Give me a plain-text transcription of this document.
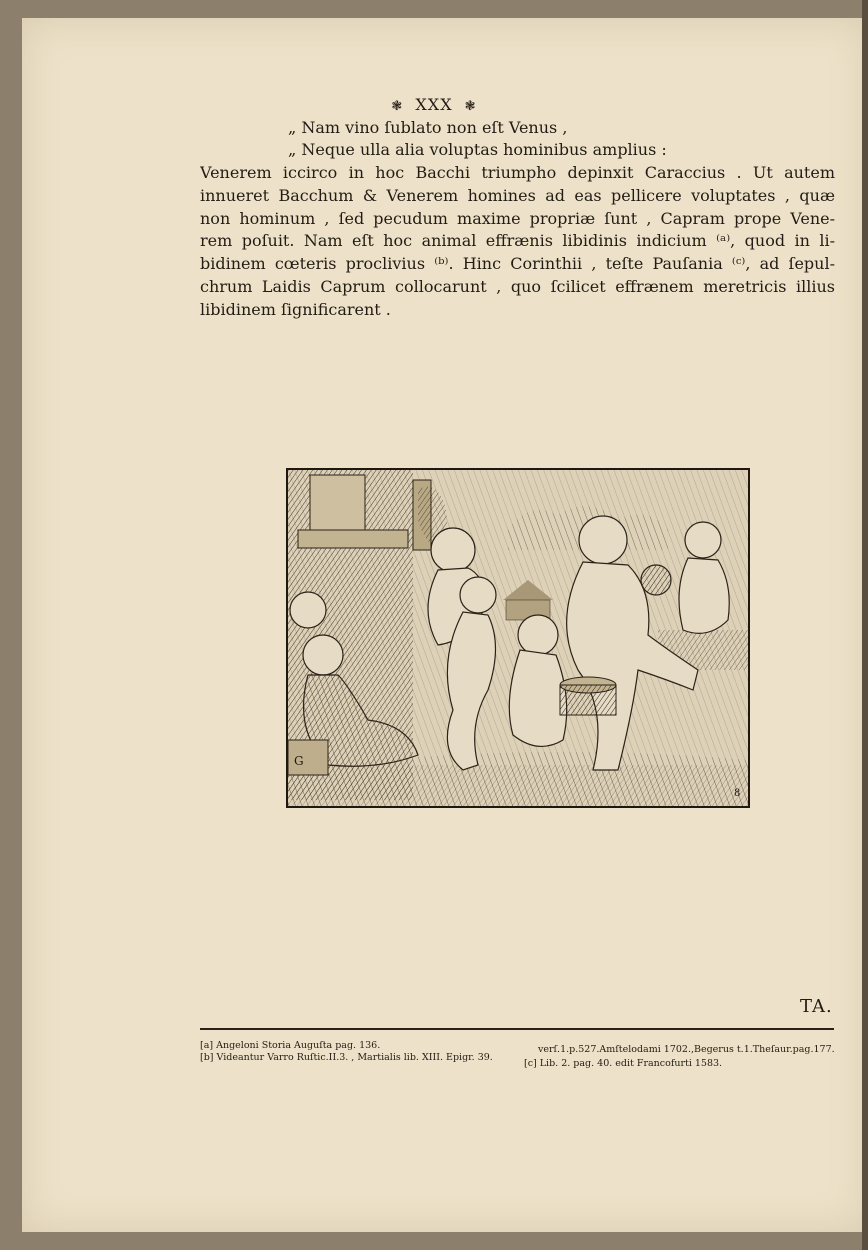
❃ XXX ❃
„ Nam vino ſublato non eſt Venus ,
„ Neque ulla alia voluptas hominibus amplius :
Venerem iccirco in hoc Bacchi triumpho depinxit Caraccius . Ut autem
innueret Bacchum & Venerem homines ad eas pellicere voluptates , quæ
non hominum , ſed pecudum maxime propriæ ſunt , Capram prope Vene-
rem poſuit. Nam eſt hoc animal effrænis libidinis indicium ⁽ᵃ⁾, quod in li-
bidinem cœteris proclivius ⁽ᵇ⁾. Hinc Corinthii , teſte Pauſania ⁽ᶜ⁾, ad ſepul-
chrum Laidis Caprum collocarunt , quo ſcilicet effrænem meretricis illius
libidinem ſignificarent .
G
8
TA.
[a] Angeloni Storia Auguſta pag. 136.
[b] Videantur Varro Ruſtic.II.3. , Martialis lib. XIII. Epigr. 39.
verſ.1.p.527.Amſtelodami 1702.,Begerus t.1.Theſaur.pag.177.
[c] Lib. 2. pag. 40. edit Francofurti 1583.
